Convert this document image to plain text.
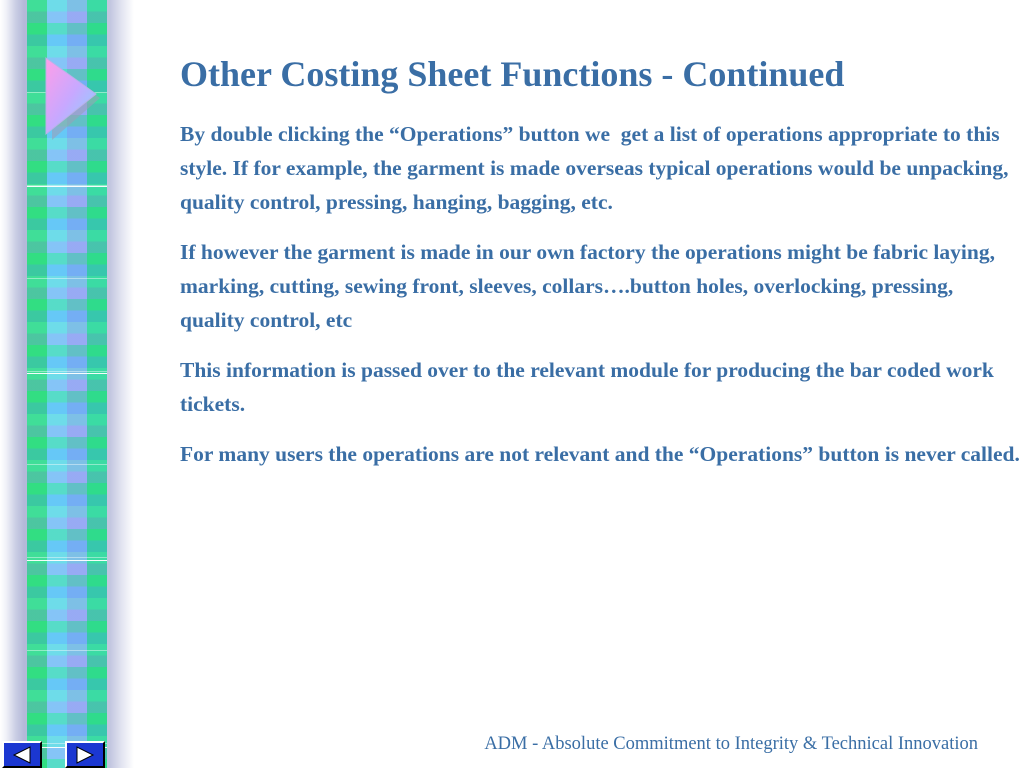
Other Costing Sheet Functions - Continued

By double clicking the “Operations” button we  get a list of operations appropriate to this style. If for example, the garment is made overseas typical operations would be unpacking, quality control, pressing, hanging, bagging, etc.

If however the garment is made in our own factory the operations might be fabric laying, marking, cutting, sewing front, sleeves, collars….button holes, overlocking, pressing, quality control, etc

This information is passed over to the relevant module for producing the bar coded work tickets.

For many users the operations are not relevant and the “Operations” button is never called.

ADM - Absolute Commitment to Integrity & Technical Innovation
